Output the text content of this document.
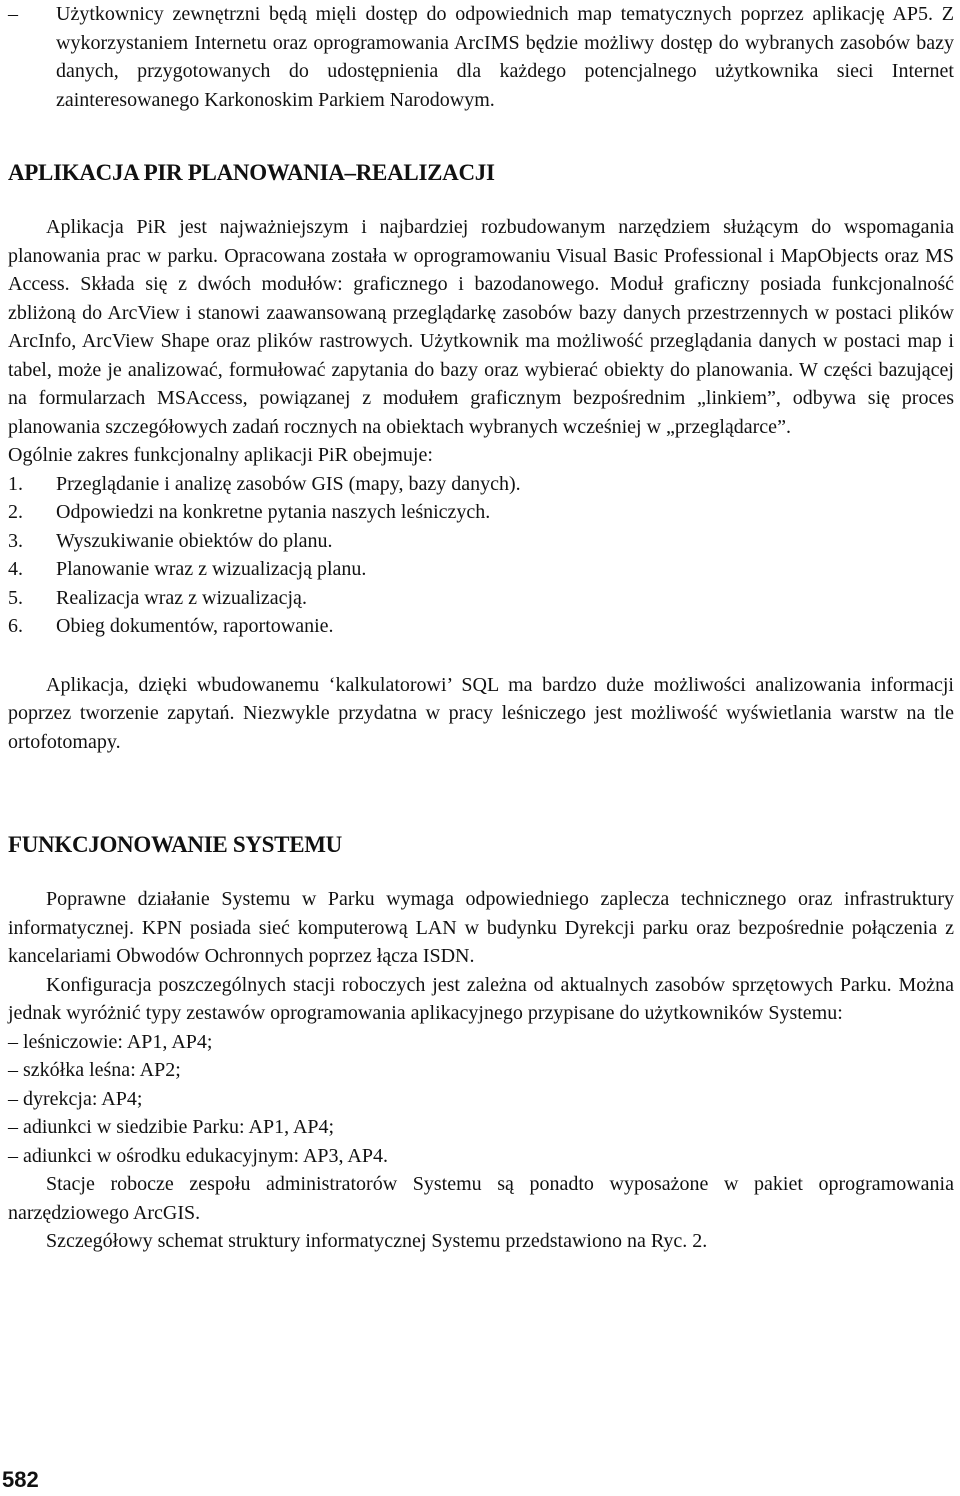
– Użytkownicy zewnętrzni będą mięli dostęp do odpowiednich map tematycznych poprzez aplikację AP5. Z wykorzystaniem Internetu oraz oprogramowania ArcIMS będzie możliwy dostęp do wybranych zasobów bazy danych, przygotowanych do udostępnienia dla każdego potencjalnego użytkownika sieci Internet zainteresowanego Karkonoskim Parkiem Narodowym.

APLIKACJA PIR PLANOWANIA–REALIZACJI

Aplikacja PiR jest najważniejszym i najbardziej rozbudowanym narzędziem służącym do wspomagania planowania prac w parku. Opracowana została w oprogramowaniu Visual Basic Professional i MapObjects oraz MS Access. Składa się z dwóch modułów: graficznego i bazodanowego. Moduł graficzny posiada funkcjonalność zbliżoną do ArcView i stanowi zaawansowaną przeglądarkę zasobów bazy danych przestrzennych w postaci plików ArcInfo, ArcView Shape oraz plików rastrowych. Użytkownik ma możliwość przeglądania danych w postaci map i tabel, może je analizować, formułować zapytania do bazy oraz wybierać obiekty do planowania. W części bazującej na formularzach MSAccess, powiązanej z modułem graficznym bezpośrednim „linkiem”, odbywa się proces planowania szczegółowych zadań rocznych na obiektach wybranych wcześniej w „przeglądarce”.

Ogólnie zakres funkcjonalny aplikacji PiR obejmuje:

1.	Przeglądanie i analizę zasobów GIS (mapy, bazy danych).
2.	Odpowiedzi na konkretne pytania naszych leśniczych.
3.	Wyszukiwanie obiektów do planu.
4.	Planowanie wraz z wizualizacją planu.
5.	Realizacja wraz z wizualizacją.
6.	Obieg dokumentów, raportowanie.

Aplikacja, dzięki wbudowanemu ‘kalkulatorowi’ SQL ma bardzo duże możliwości analizowania informacji poprzez tworzenie zapytań. Niezwykle przydatna w pracy leśniczego jest możliwość wyświetlania warstw na tle ortofotomapy.

FUNKCJONOWANIE SYSTEMU

Poprawne działanie Systemu w Parku wymaga odpowiedniego zaplecza technicznego oraz infrastruktury informatycznej. KPN posiada sieć komputerową LAN w budynku Dyrekcji parku oraz bezpośrednie połączenia z kancelariami Obwodów Ochronnych poprzez łącza ISDN.

Konfiguracja poszczególnych stacji roboczych jest zależna od aktualnych zasobów sprzętowych Parku. Można jednak wyróżnić typy zestawów oprogramowania aplikacyjnego przypisane do użytkowników Systemu:

– leśniczowie: AP1, AP4;
– szkółka leśna: AP2;
– dyrekcja: AP4;
– adiunkci w siedzibie Parku: AP1, AP4;
– adiunkci w ośrodku edukacyjnym: AP3, AP4.

Stacje robocze zespołu administratorów Systemu są ponadto wyposażone w pakiet oprogramowania narzędziowego ArcGIS.

Szczegółowy schemat struktury informatycznej Systemu przedstawiono na Ryc. 2.

582
